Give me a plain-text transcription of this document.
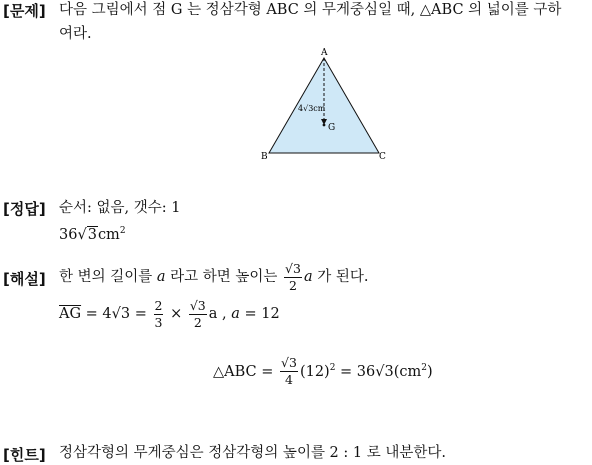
[문제] 다음 그림에서 점 G 는 정삼각형 ABC 의 무게중심일 때, △ABC 의 넓이를 구하
여라.
A
B	C
G
4√3cm
[정답] 순서: 없음, 갯수: 1
$36√3cm^2$
[해설] 한 변의 길이를 a 라고 하면 높이는 $\frac{√3}{2}$ a 가 된다.
$\overline{AG} = 4√3 = \frac{2}{3} \times \frac{√3}{2}$ a , a = 12
△ABC = $\frac{√3}{4} (12)^2 = 36√3(cm^2)$
[힌트] 정삼각형의 무게중심은 정삼각형의 높이를 2 : 1 로 내분한다.
